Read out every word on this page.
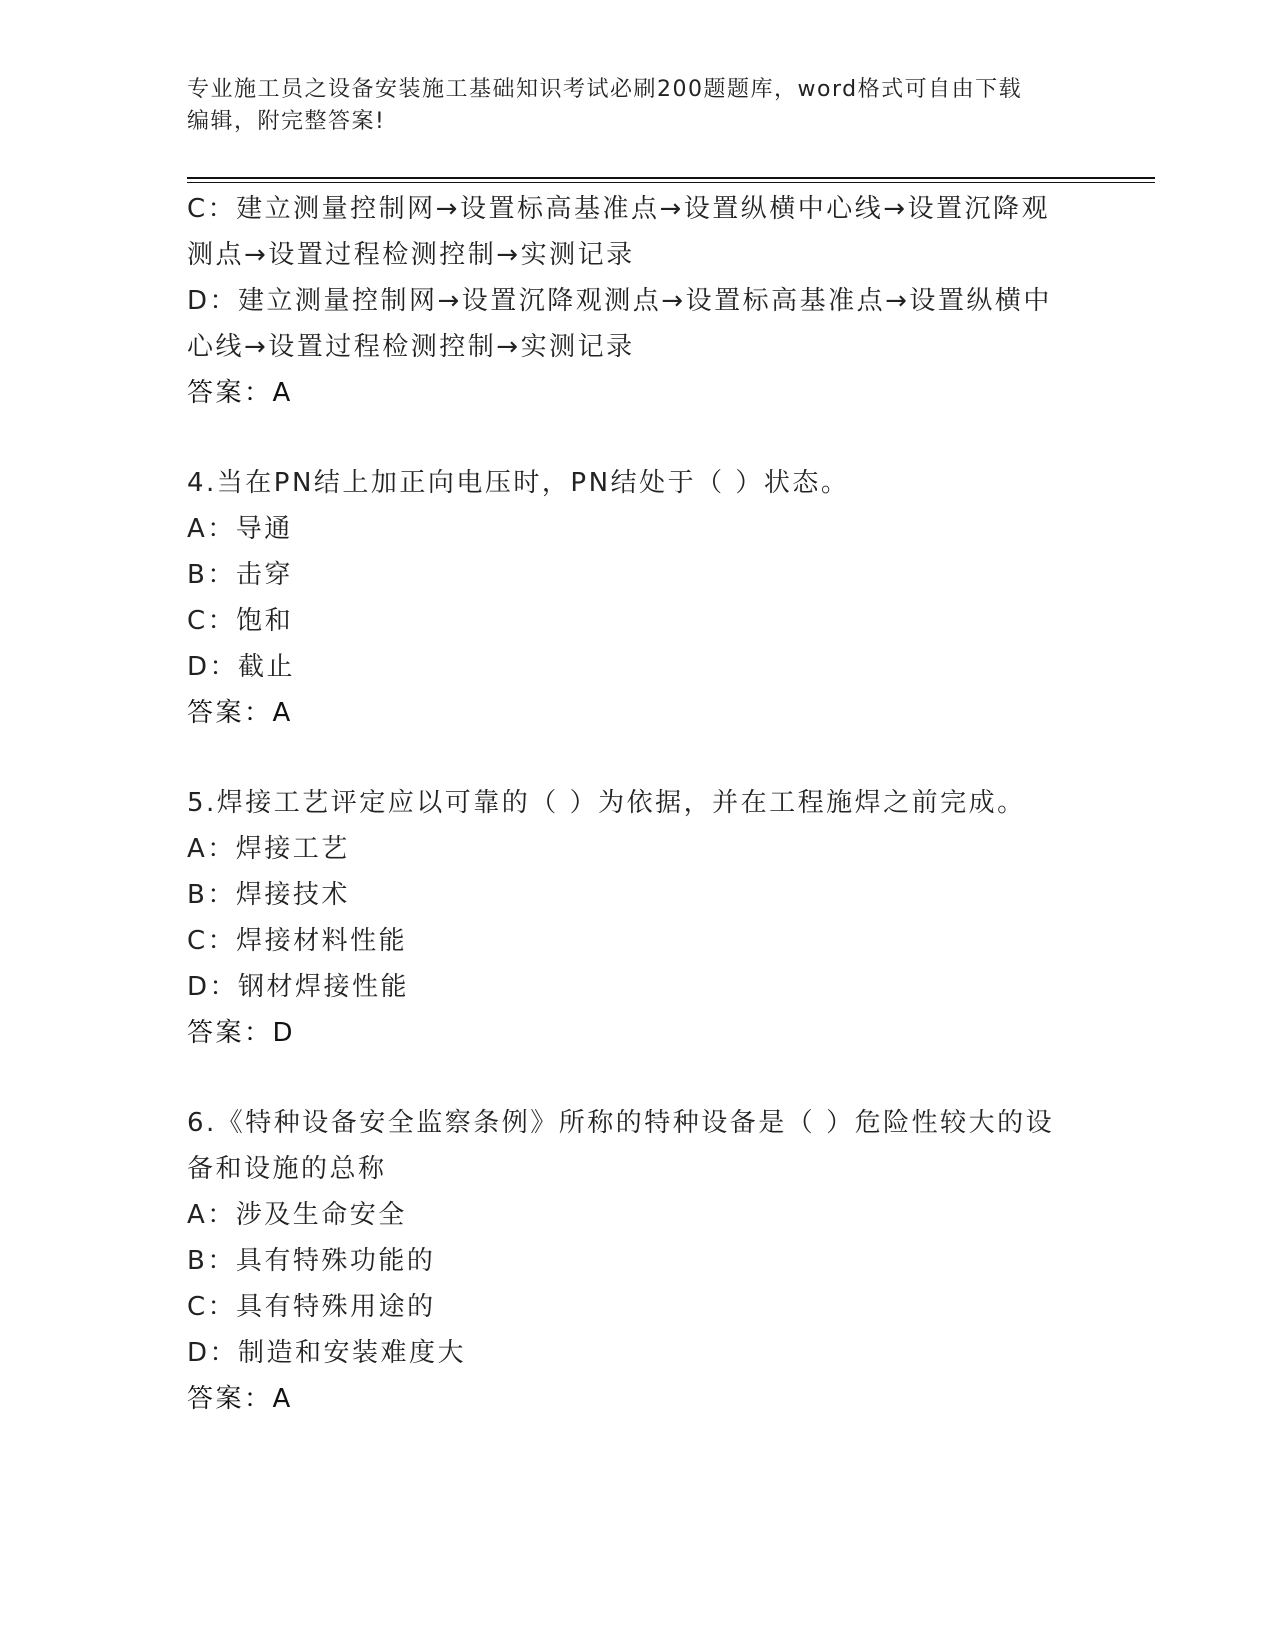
专业施工员之设备安装施工基础知识考试必刷200题题库，word格式可自由下载
编辑，附完整答案!
C：建立测量控制网→设置标高基准点→设置纵横中心线→设置沉降观
测点→设置过程检测控制→实测记录
D：建立测量控制网→设置沉降观测点→设置标高基准点→设置纵横中
心线→设置过程检测控制→实测记录
答案：A
4.当在PN结上加正向电压时，PN结处于（ ）状态。
A：导通
B：击穿
C：饱和
D：截止
答案：A
5.焊接工艺评定应以可靠的（ ）为依据，并在工程施焊之前完成。
A：焊接工艺
B：焊接技术
C：焊接材料性能
D：钢材焊接性能
答案：D
6.《特种设备安全监察条例》所称的特种设备是（ ）危险性较大的设
备和设施的总称
A：涉及生命安全
B：具有特殊功能的
C：具有特殊用途的
D：制造和安装难度大
答案：A
